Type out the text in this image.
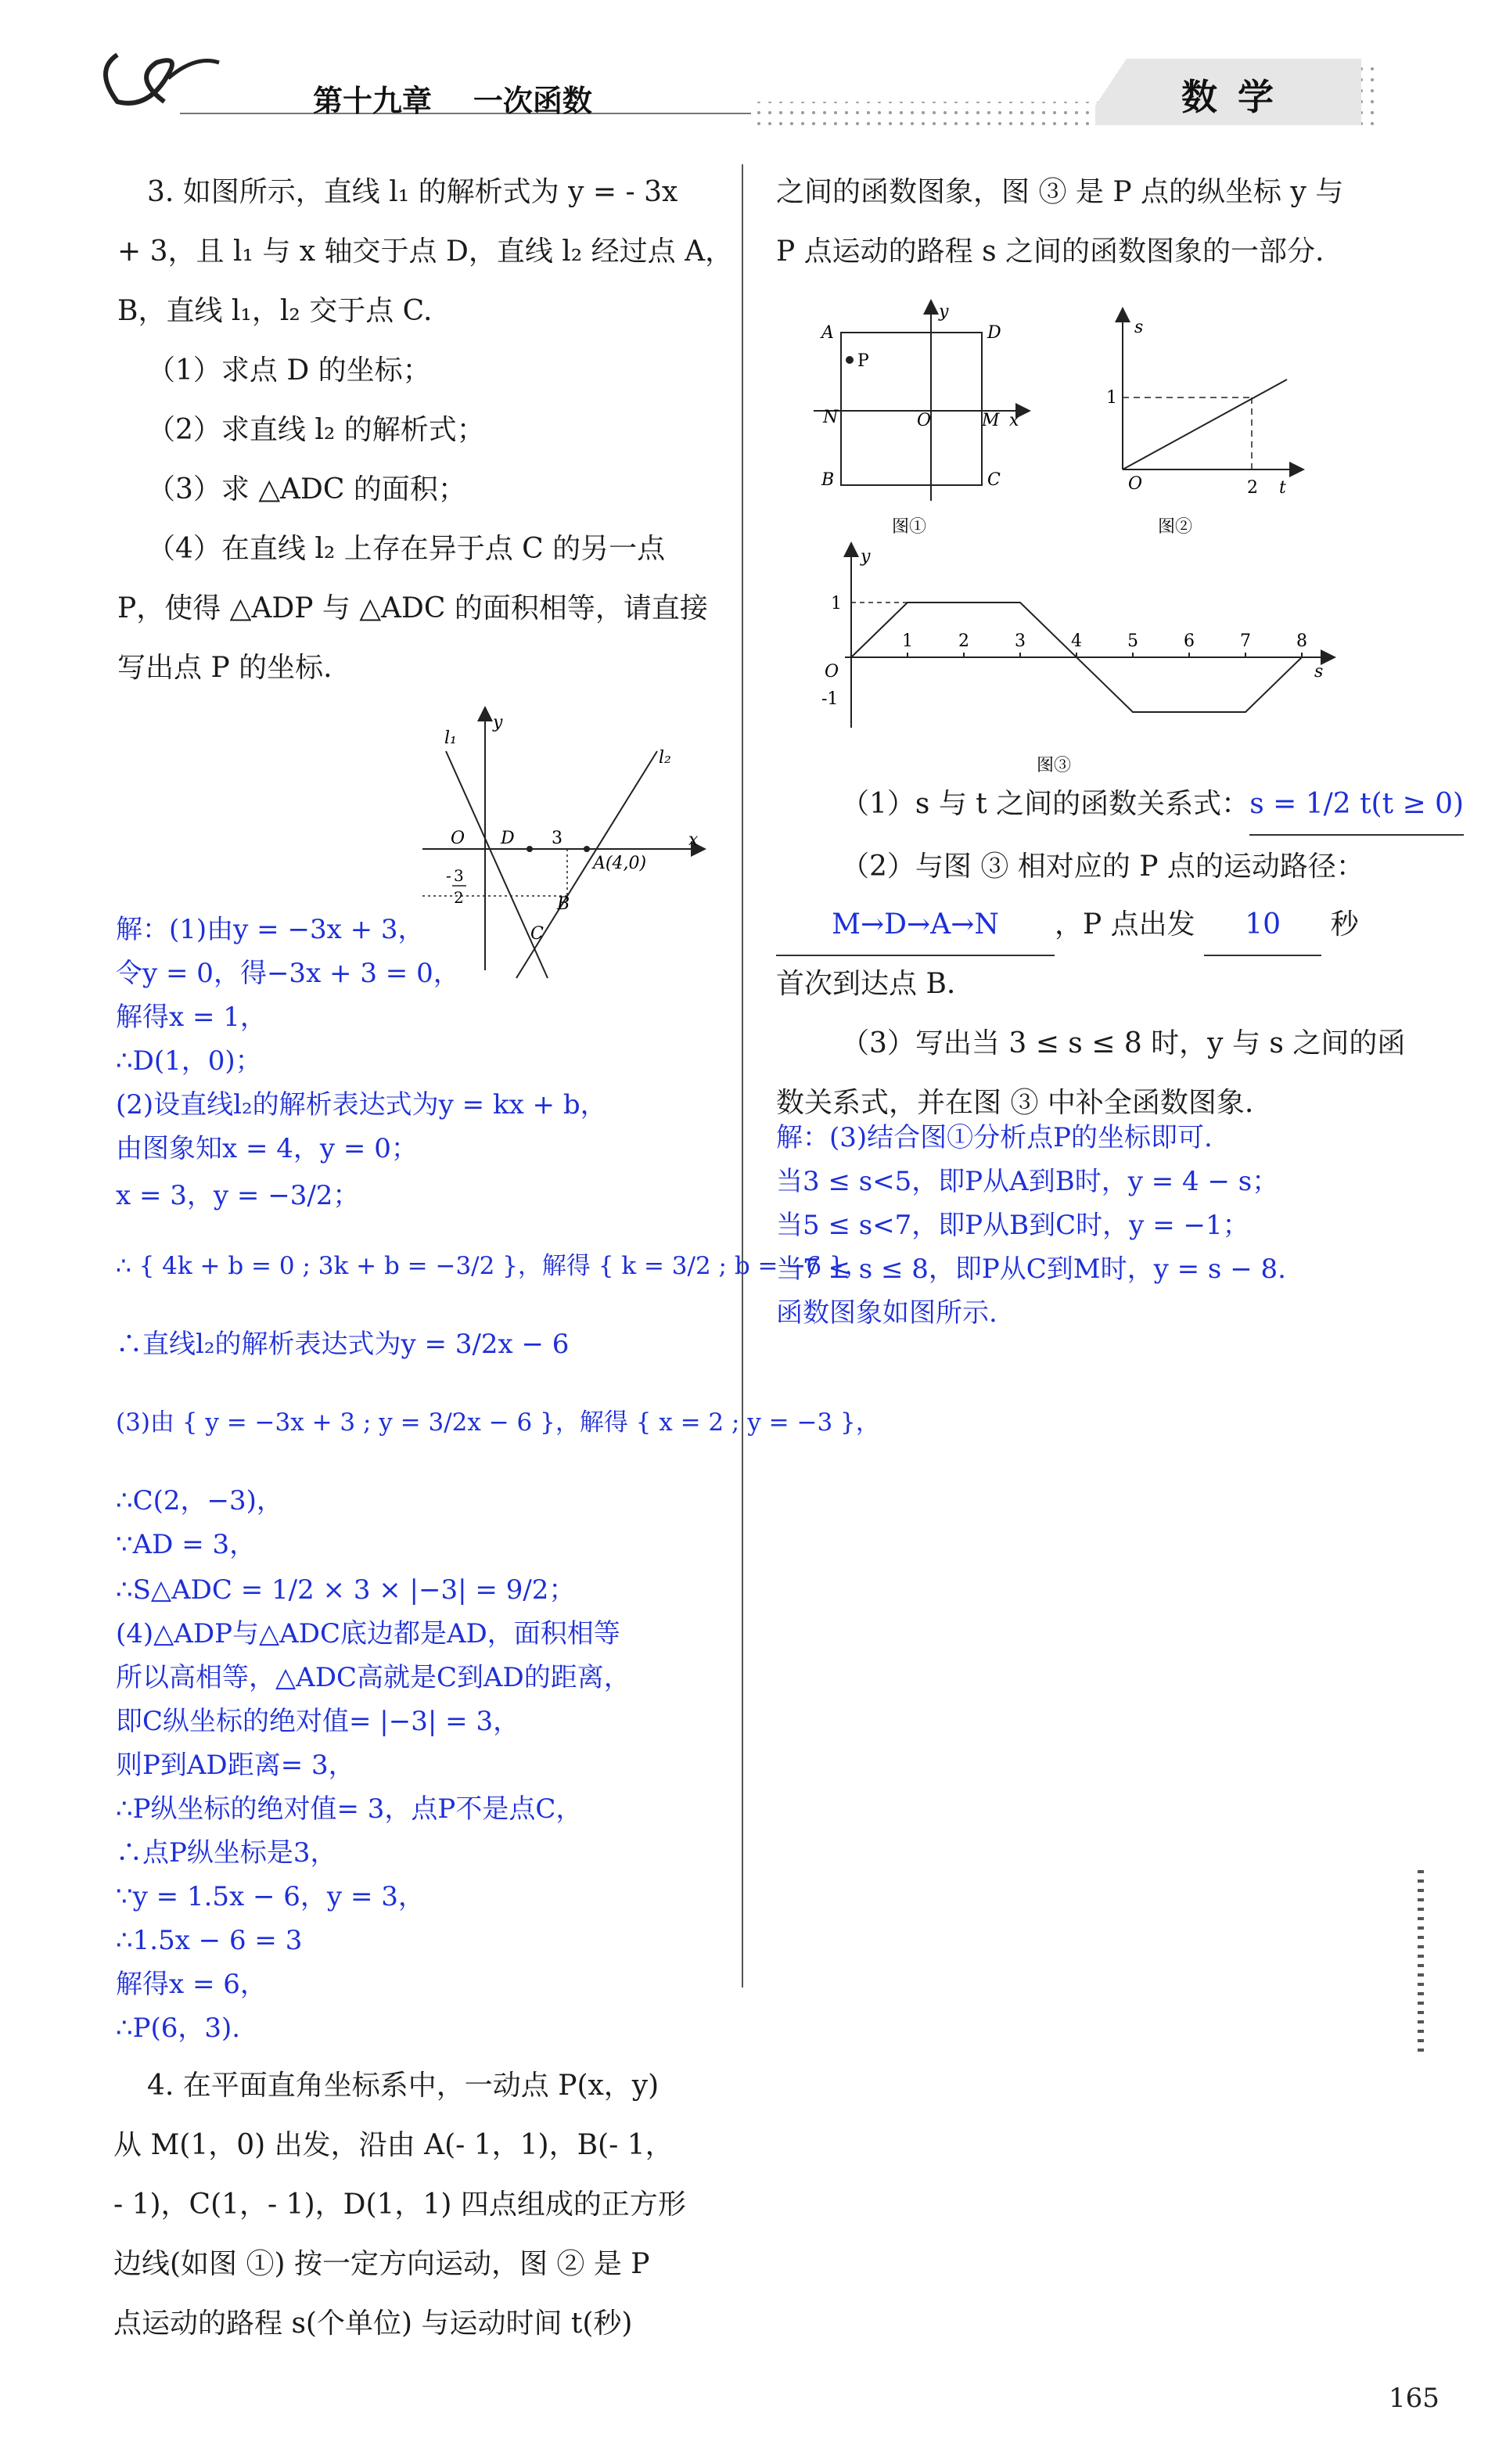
第十九章    一次函数	数学
3. 如图所示，直线 l₁ 的解析式为 y = - 3x
+ 3，且 l₁ 与 x 轴交于点 D，直线 l₂ 经过点 A，
B，直线 l₁，l₂ 交于点 C.
（1）求点 D 的坐标；
（2）求直线 l₂ 的解析式；
（3）求 △ADC 的面积；
（4）在直线 l₂ 上存在异于点 C 的另一点
P，使得 △ADP 与 △ADC 的面积相等，请直接
写出点 P 的坐标.
l₁
l₂
y
x
O D 3
A(4,0)
B
C
- 3
2
解：(1)由y = −3x + 3，
令y = 0，得−3x + 3 = 0，
解得x = 1，
∴D(1，0)；
(2)设直线l₂的解析表达式为y = kx + b，
由图象知x = 4，y = 0；
x = 3，y = −3/2；
∴ { 4k + b = 0 ; 3k + b = −3/2 }，解得 { k = 3/2 ; b = −6 }，
∴直线l₂的解析表达式为y = 3/2x − 6
(3)由 { y = −3x + 3 ; y = 3/2x − 6 }，解得 { x = 2 ; y = −3 }，
∴C(2，−3)，
∵AD = 3，
∴S△ADC = 1/2 × 3 × |−3| = 9/2；
(4)△ADP与△ADC底边都是AD，面积相等
所以高相等，△ADC高就是C到AD的距离，
即C纵坐标的绝对值= |−3| = 3，
则P到AD距离= 3，
∴P纵坐标的绝对值= 3，点P不是点C，
∴点P纵坐标是3，
∵y = 1.5x − 6，y = 3，
∴1.5x − 6 = 3
解得x = 6，
∴P(6，3).
4. 在平面直角坐标系中，一动点 P(x，y)
从 M(1，0) 出发，沿由 A(- 1，1)，B(- 1，
- 1)，C(1，- 1)，D(1，1) 四点组成的正方形
边线(如图 ①) 按一定方向运动，图 ② 是 P
点运动的路程 s(个单位) 与运动时间 t(秒)
之间的函数图象，图 ③ 是 P 点的纵坐标 y 与
P 点运动的路程 s 之间的函数图象的一部分.
A	D
B	C
P
N	O	M x
y
图①
s
t
1
2
O
图②
1	2	3	4	5	6	7	8
y
s
O
1
-1
图③
（1）s 与 t 之间的函数关系式：s = 1/2 t(t ≥ 0)
（2）与图 ③ 相对应的 P 点的运动路径：
M→D→A→N ，P 点出发 10 秒
首次到达点 B.
（3）写出当 3 ≤ s ≤ 8 时，y 与 s 之间的函
数关系式，并在图 ③ 中补全函数图象.
解：(3)结合图①分析点P的坐标即可.
当3 ≤ s<5，即P从A到B时，y = 4 − s；
当5 ≤ s<7，即P从B到C时，y = −1；
当7 ≤ s ≤ 8，即P从C到M时，y = s − 8.
函数图象如图所示.
165
